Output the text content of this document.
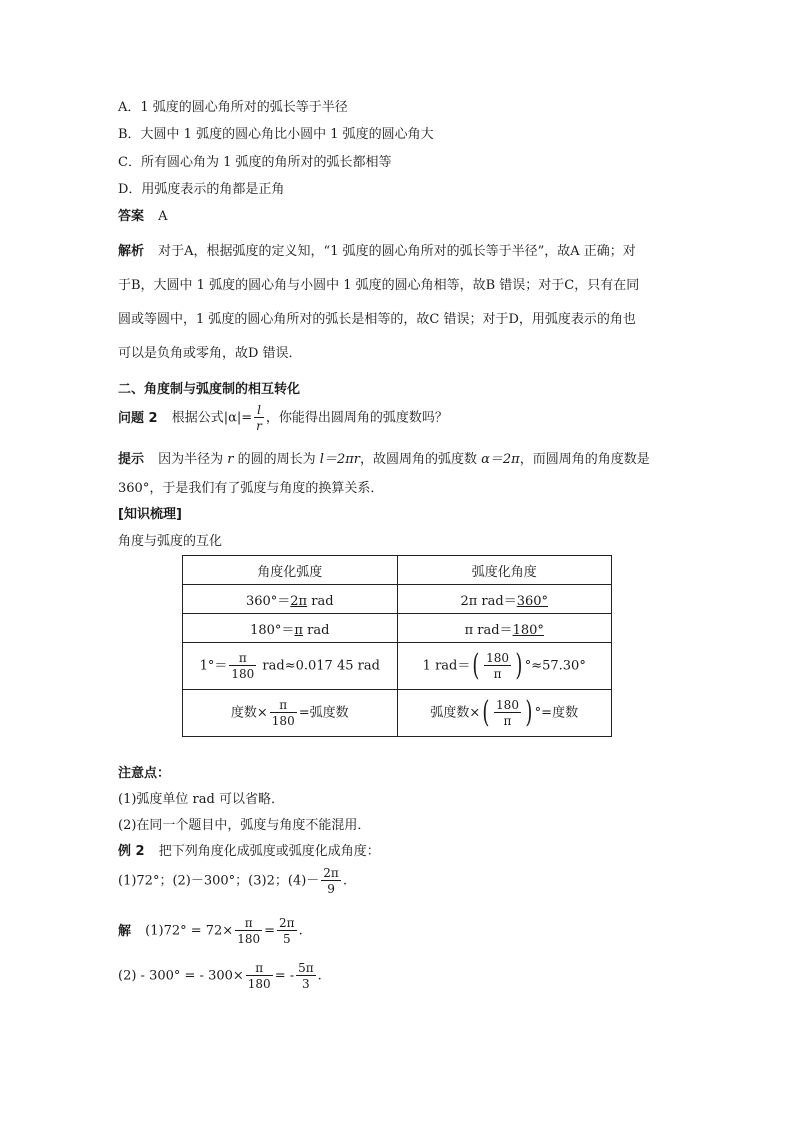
A．1 弧度的圆心角所对的弧长等于半径
B．大圆中 1 弧度的圆心角比小圆中 1 弧度的圆心角大
C．所有圆心角为 1 弧度的角所对的弧长都相等
D．用弧度表示的角都是正角
答案 A
解析 对于A，根据弧度的定义知，“1 弧度的圆心角所对的弧长等于半径”，故A 正确；对
于B，大圆中 1 弧度的圆心角与小圆中 1 弧度的圆心角相等，故B 错误；对于C，只有在同
圆或等圆中，1 弧度的圆心角所对的弧长是相等的，故C 错误；对于D，用弧度表示的角也
可以是负角或零角，故D 错误．
二、角度制与弧度制的相互转化
问题 2 根据公式$|\alpha|= \frac{l}{r}$ ，你能得出圆周角的弧度数吗？
提示 因为半径为 r 的圆的周长为 l＝2πr，故圆周角的弧度数 α＝2π，而圆周角的角度数是
360°，于是我们有了弧度与角度的换算关系．
[知识梳理]
角度与弧度的互化
角度化弧度	弧度化角度
360°＝2π rad	2π rad＝360°
180°＝π rad	π rad＝180°
$1^\circ= \frac{\pi}{180} rad\approx 0.017$ 45 rad	1 $rad=( \frac{180}{\pi}$ ) °≈57.30°
度数× $\frac{\pi}{180}$ =弧度数	弧度数×( $\frac{180}{\pi}$ ) °=度数
注意点：
(1)弧度单位 rad 可以省略．
(2)在同一个题目中，弧度与角度不能混用．
例 2 把下列角度化成弧度或弧度化成角度：
(1)72°；(2)－300°；(3)2；$(4)- \frac{2\pi}{9}$ .
解 $(1)72^\circ = 72\times \frac{\pi}{180} = \frac{2\pi}{5}$ .
(2) - 300° = - $300\times \frac{\pi}{180}$ = - $\frac{5\pi}{3}$ .
